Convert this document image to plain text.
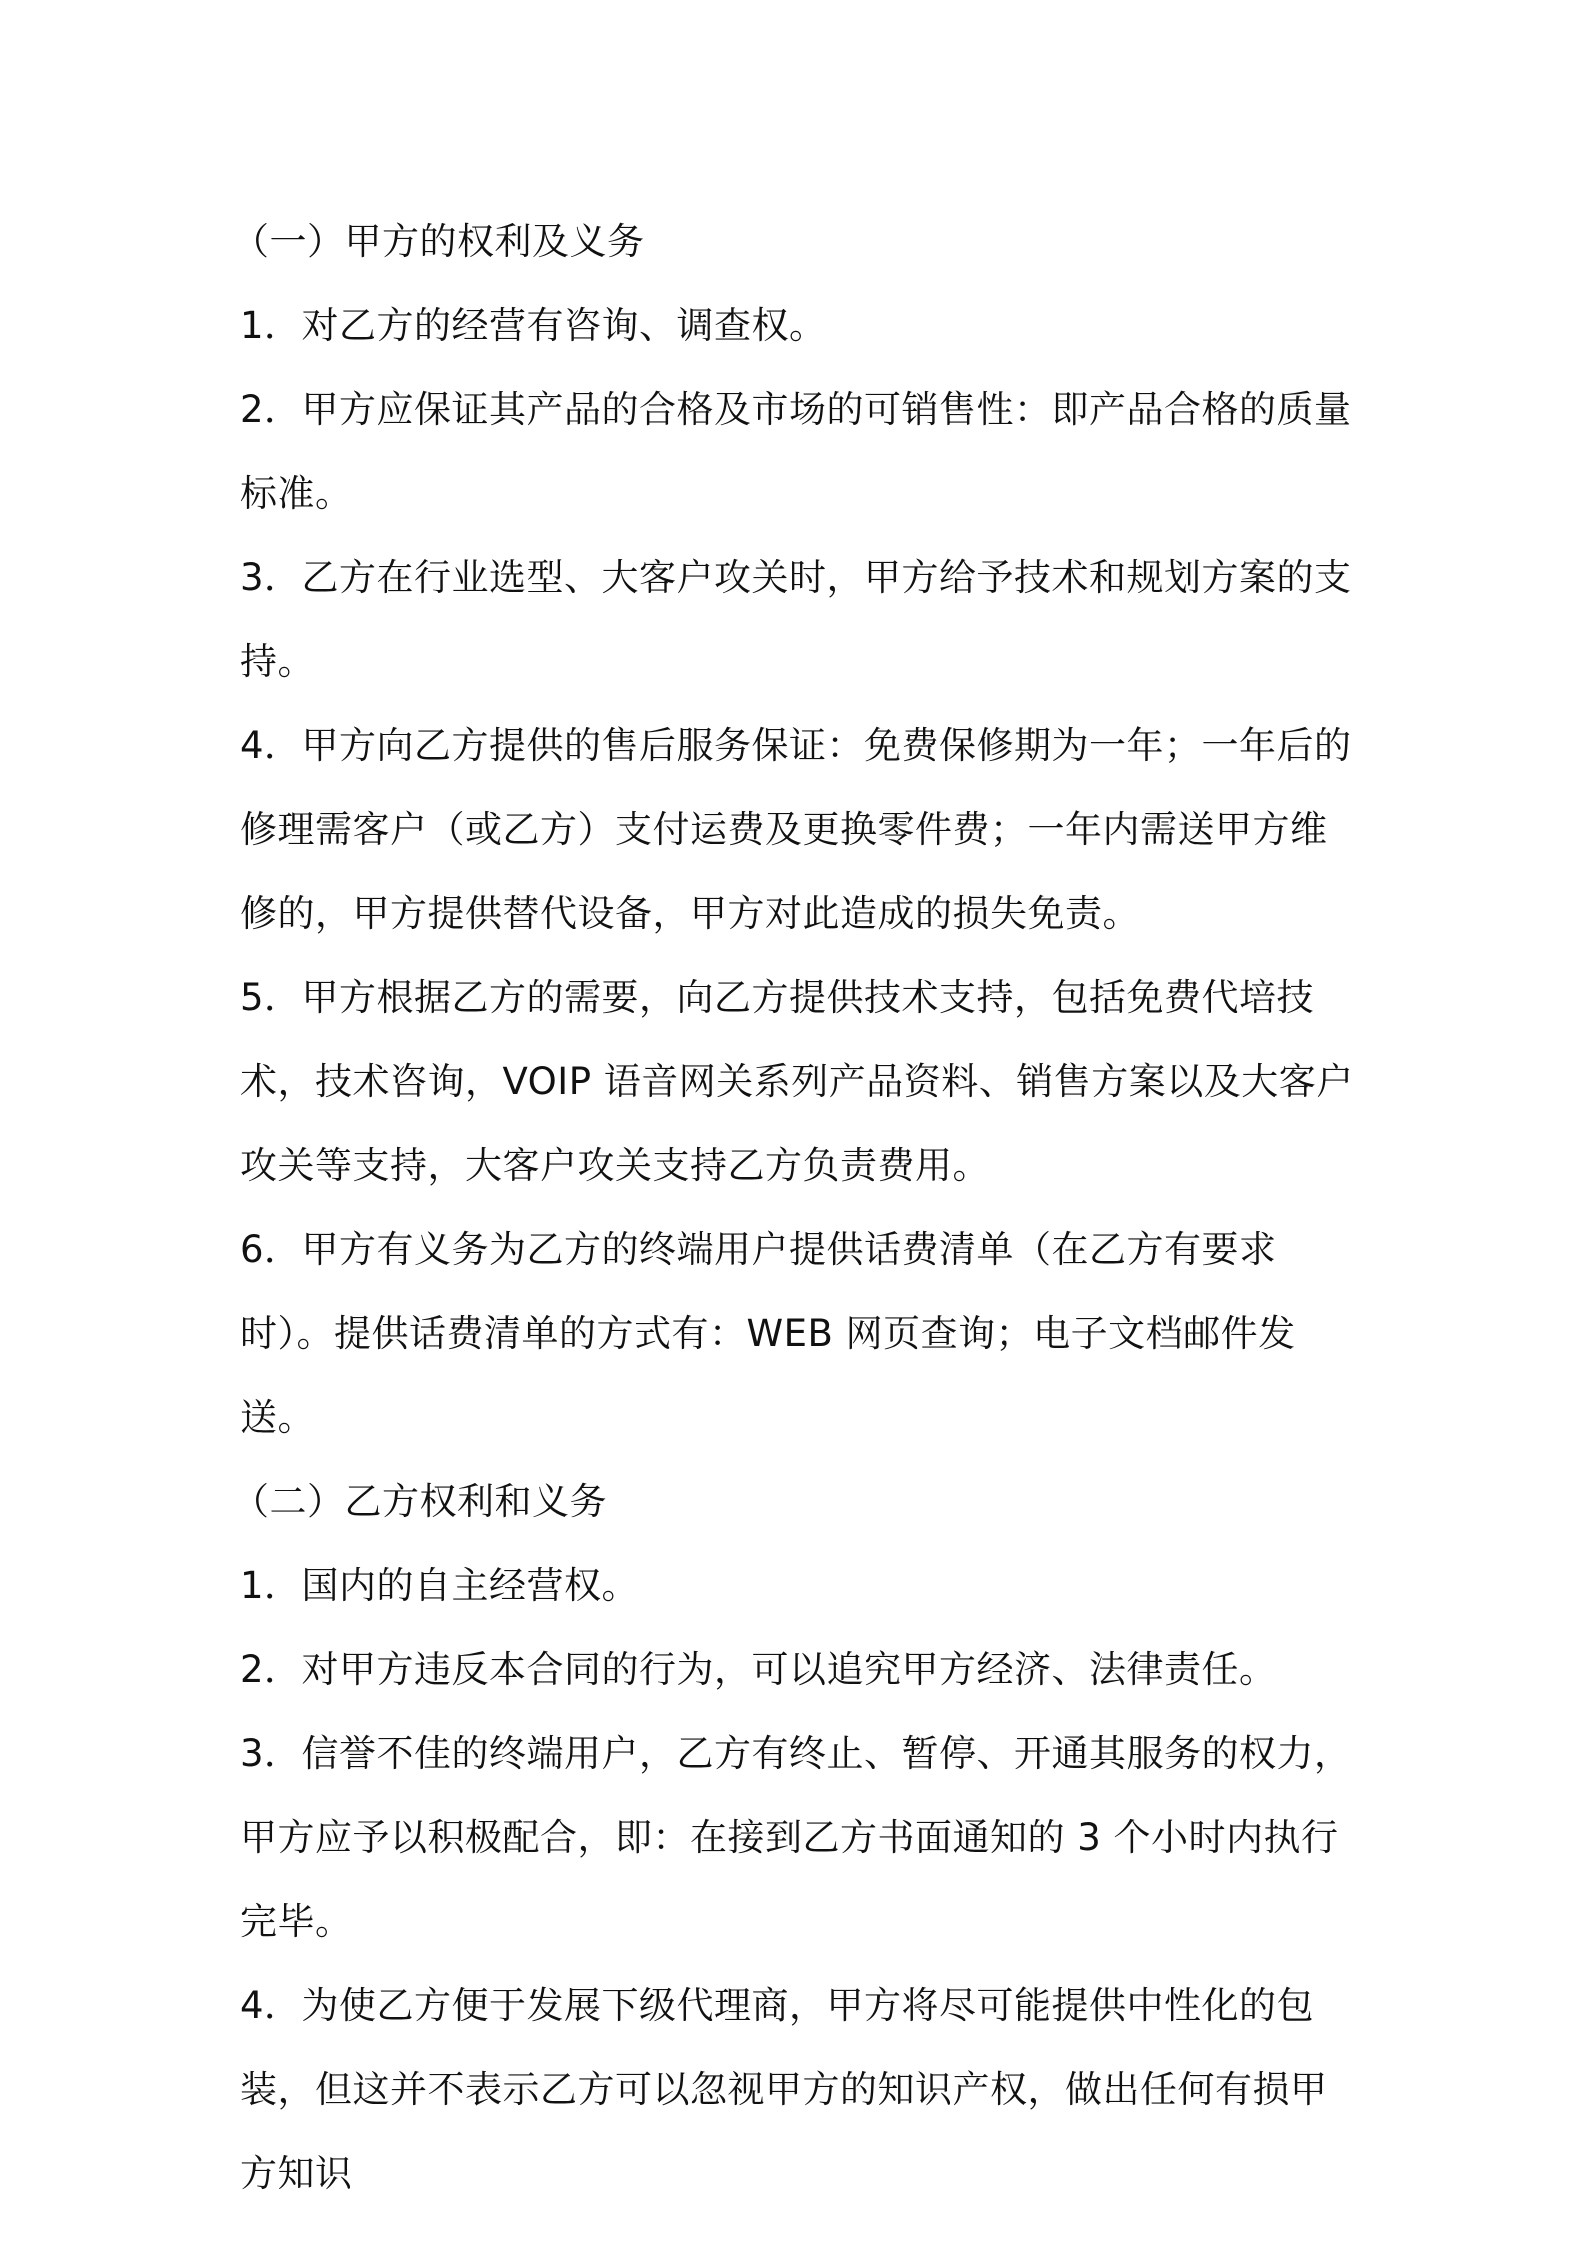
（一）甲方的权利及义务

1．对乙方的经营有咨询、调查权。

2．甲方应保证其产品的合格及市场的可销售性：即产品合格的质量标准。

3．乙方在行业选型、大客户攻关时，甲方给予技术和规划方案的支持。

4．甲方向乙方提供的售后服务保证：免费保修期为一年；一年后的修理需客户（或乙方）支付运费及更换零件费；一年内需送甲方维修的，甲方提供替代设备，甲方对此造成的损失免责。

5．甲方根据乙方的需要，向乙方提供技术支持，包括免费代培技术，技术咨询，VOIP 语音网关系列产品资料、销售方案以及大客户攻关等支持，大客户攻关支持乙方负责费用。

6．甲方有义务为乙方的终端用户提供话费清单（在乙方有要求时）。提供话费清单的方式有：WEB 网页查询；电子文档邮件发送。

（二）乙方权利和义务

1．国内的自主经营权。

2．对甲方违反本合同的行为，可以追究甲方经济、法律责任。

3．信誉不佳的终端用户，乙方有终止、暂停、开通其服务的权力，甲方应予以积极配合，即：在接到乙方书面通知的 3 个小时内执行完毕。

4．为使乙方便于发展下级代理商，甲方将尽可能提供中性化的包装，但这并不表示乙方可以忽视甲方的知识产权，做出任何有损甲方知识
